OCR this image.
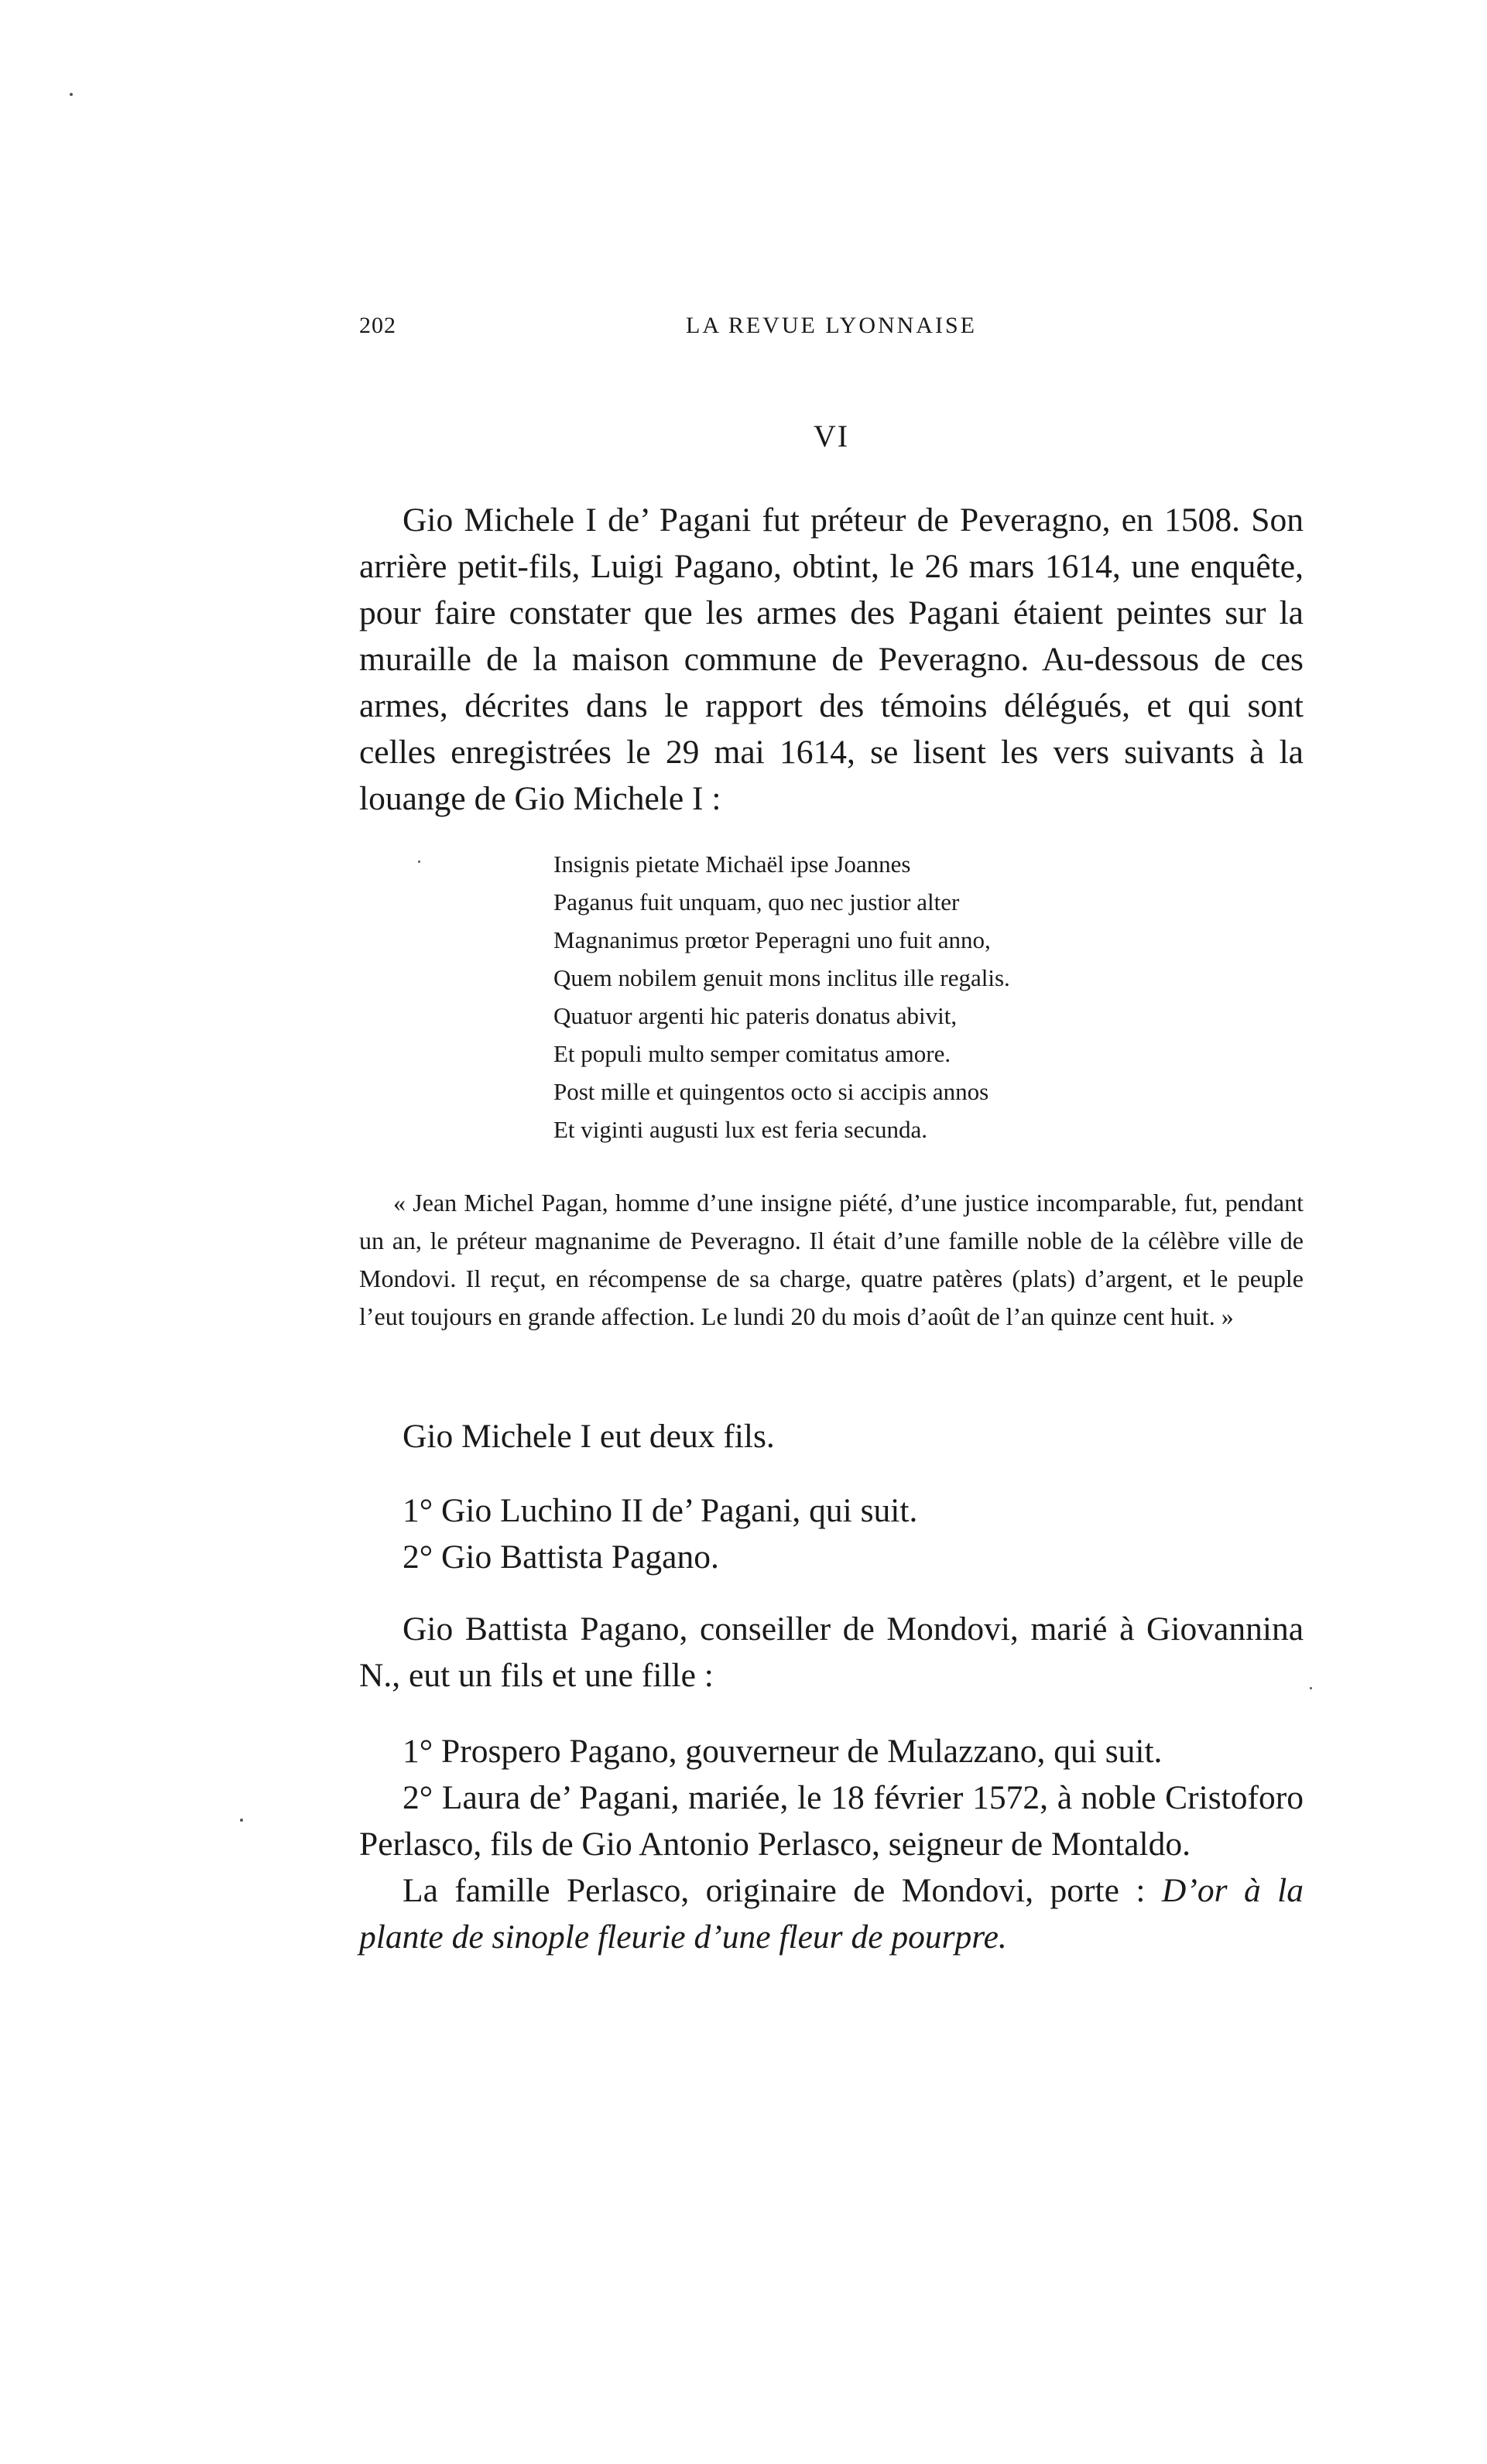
202	LA REVUE LYONNAISE
VI

Gio Michele I de’ Pagani fut préteur de Peveragno, en 1508. Son arrière petit-fils, Luigi Pagano, obtint, le 26 mars 1614, une enquête, pour faire constater que les armes des Pagani étaient peintes sur la muraille de la maison commune de Peveragno. Au-dessous de ces armes, décrites dans le rapport des témoins délégués, et qui sont celles enregistrées le 29 mai 1614, se lisent les vers suivants à la louange de Gio Michele I :

Insignis pietate Michaël ipse Joannes
Paganus fuit unquam, quo nec justior alter
Magnanimus prœtor Peperagni uno fuit anno,
Quem nobilem genuit mons inclitus ille regalis.
Quatuor argenti hic pateris donatus abivit,
Et populi multo semper comitatus amore.
Post mille et quingentos octo si accipis annos
Et viginti augusti lux est feria secunda.

« Jean Michel Pagan, homme d’une insigne piété, d’une justice incomparable, fut, pendant un an, le préteur magnanime de Peveragno. Il était d’une famille noble de la célèbre ville de Mondovi. Il reçut, en récompense de sa charge, quatre patères (plats) d’argent, et le peuple l’eut toujours en grande affection. Le lundi 20 du mois d’août de l’an quinze cent huit. »

Gio Michele I eut deux fils.

1° Gio Luchino II de’ Pagani, qui suit.

2° Gio Battista Pagano.

Gio Battista Pagano, conseiller de Mondovi, marié à Giovannina N., eut un fils et une fille :

1° Prospero Pagano, gouverneur de Mulazzano, qui suit.

2° Laura de’ Pagani, mariée, le 18 février 1572, à noble Cristoforo Perlasco, fils de Gio Antonio Perlasco, seigneur de Montaldo.

La famille Perlasco, originaire de Mondovi, porte : D’or à la plante de sinople fleurie d’une fleur de pourpre.
